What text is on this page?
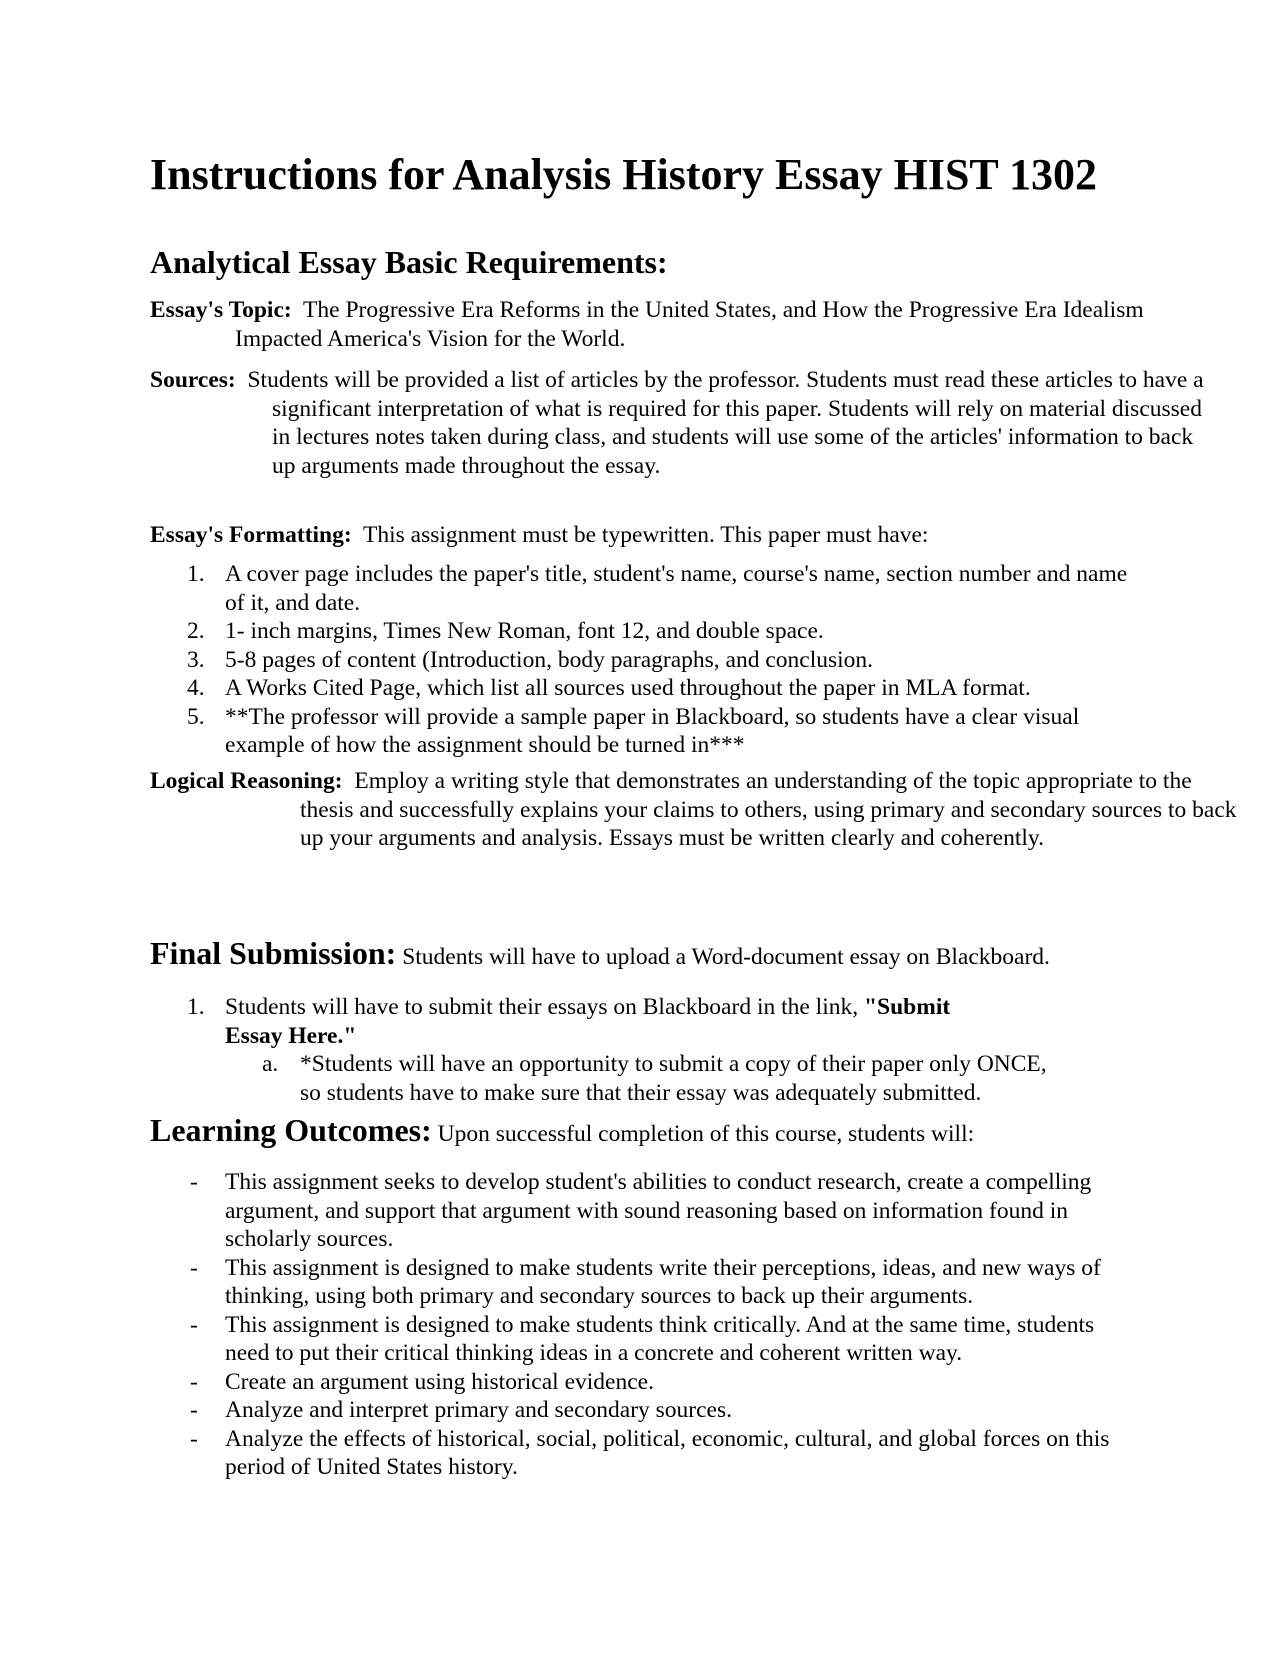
Instructions for Analysis History Essay HIST 1302
Analytical Essay Basic Requirements:

Essay's Topic: The Progressive Era Reforms in the United States, and How the Progressive Era Idealism Impacted America's Vision for the World.

Sources: Students will be provided a list of articles by the professor. Students must read these articles to have a significant interpretation of what is required for this paper. Students will rely on material discussed in lectures notes taken during class, and students will use some of the articles' information to back up arguments made throughout the essay.

Essay's Formatting: This assignment must be typewritten. This paper must have:

1. A cover page includes the paper's title, student's name, course's name, section number and name of it, and date.
2. 1- inch margins, Times New Roman, font 12, and double space.
3. 5-8 pages of content (Introduction, body paragraphs, and conclusion.
4. A Works Cited Page, which list all sources used throughout the paper in MLA format.
5. **The professor will provide a sample paper in Blackboard, so students have a clear visual example of how the assignment should be turned in***

Logical Reasoning: Employ a writing style that demonstrates an understanding of the topic appropriate to the thesis and successfully explains your claims to others, using primary and secondary sources to back up your arguments and analysis. Essays must be written clearly and coherently.

Final Submission: Students will have to upload a Word-document essay on Blackboard.

1. Students will have to submit their essays on Blackboard in the link, "Submit Essay Here."
a. *Students will have an opportunity to submit a copy of their paper only ONCE, so students have to make sure that their essay was adequately submitted.

Learning Outcomes: Upon successful completion of this course, students will:

- This assignment seeks to develop student's abilities to conduct research, create a compelling argument, and support that argument with sound reasoning based on information found in scholarly sources.
- This assignment is designed to make students write their perceptions, ideas, and new ways of thinking, using both primary and secondary sources to back up their arguments.
- This assignment is designed to make students think critically. And at the same time, students need to put their critical thinking ideas in a concrete and coherent written way.
- Create an argument using historical evidence.
- Analyze and interpret primary and secondary sources.
- Analyze the effects of historical, social, political, economic, cultural, and global forces on this period of United States history.
